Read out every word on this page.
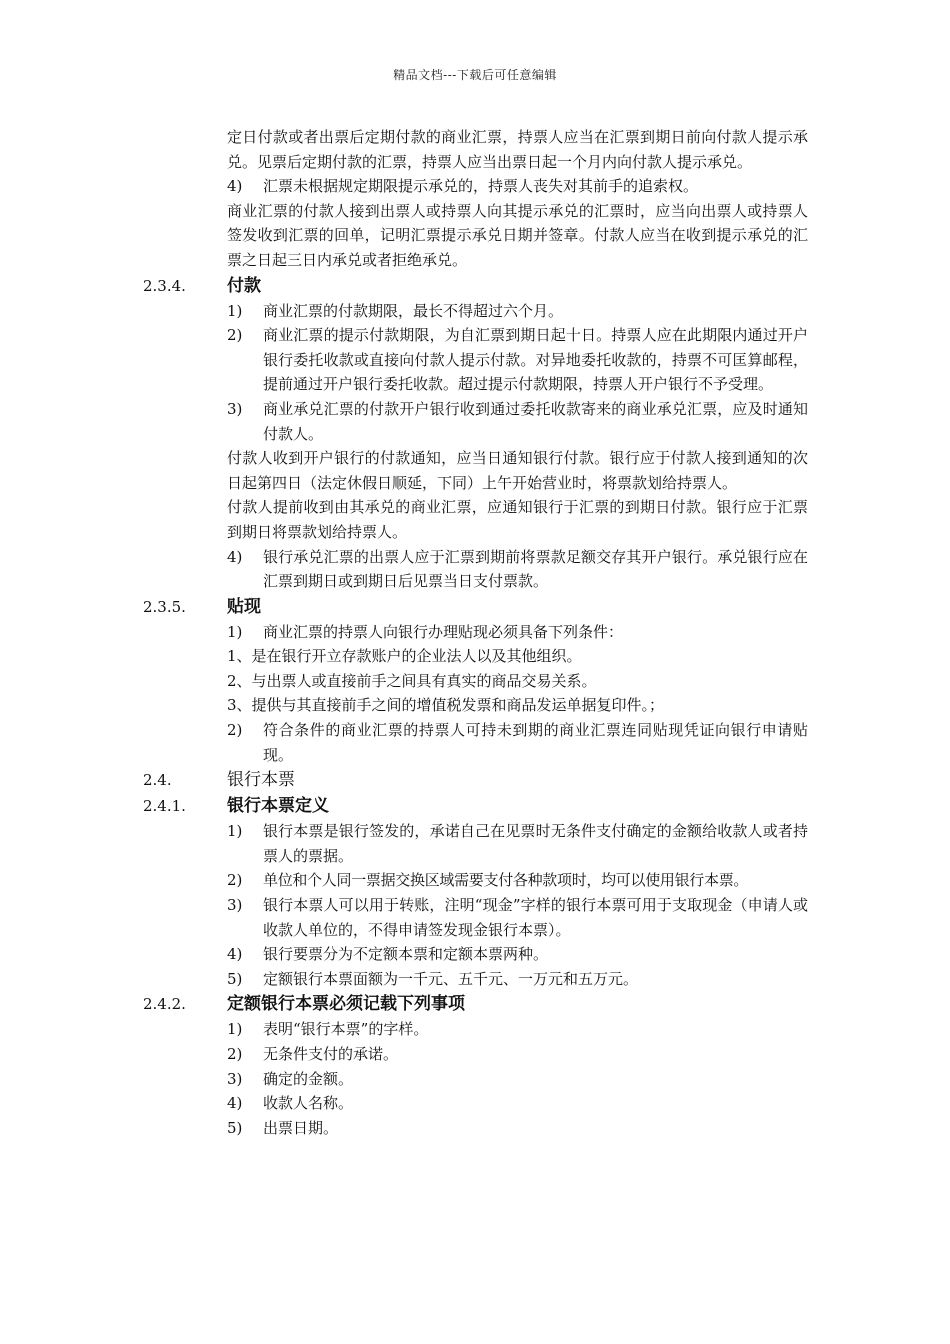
精品文档---下载后可任意编辑
定日付款或者出票后定期付款的商业汇票，持票人应当在汇票到期日前向付款人提示承兑。见票后定期付款的汇票，持票人应当出票日起一个月内向付款人提示承兑。
4)	汇票未根据规定期限提示承兑的，持票人丧失对其前手的追索权。
商业汇票的付款人接到出票人或持票人向其提示承兑的汇票时，应当向出票人或持票人签发收到汇票的回单，记明汇票提示承兑日期并签章。付款人应当在收到提示承兑的汇票之日起三日内承兑或者拒绝承兑。
2.3.4.	付款
1)	商业汇票的付款期限，最长不得超过六个月。
2)	商业汇票的提示付款期限，为自汇票到期日起十日。持票人应在此期限内通过开户银行委托收款或直接向付款人提示付款。对异地委托收款的，持票不可匡算邮程，提前通过开户银行委托收款。超过提示付款期限，持票人开户银行不予受理。
3)	商业承兑汇票的付款开户银行收到通过委托收款寄来的商业承兑汇票，应及时通知付款人。
付款人收到开户银行的付款通知，应当日通知银行付款。银行应于付款人接到通知的次日起第四日（法定休假日顺延，下同）上午开始营业时，将票款划给持票人。
付款人提前收到由其承兑的商业汇票，应通知银行于汇票的到期日付款。银行应于汇票到期日将票款划给持票人。
4)	银行承兑汇票的出票人应于汇票到期前将票款足额交存其开户银行。承兑银行应在汇票到期日或到期日后见票当日支付票款。
2.3.5.	贴现
1)	商业汇票的持票人向银行办理贴现必须具备下列条件：
1、是在银行开立存款账户的企业法人以及其他组织。
2、与出票人或直接前手之间具有真实的商品交易关系。
3、提供与其直接前手之间的增值税发票和商品发运单据复印件。；
2)	符合条件的商业汇票的持票人可持未到期的商业汇票连同贴现凭证向银行申请贴现。
2.4.	银行本票
2.4.1.	银行本票定义
1)	银行本票是银行签发的，承诺自己在见票时无条件支付确定的金额给收款人或者持票人的票据。
2)	单位和个人同一票据交换区域需要支付各种款项时，均可以使用银行本票。
3)	银行本票人可以用于转账，注明“现金”字样的银行本票可用于支取现金（申请人或收款人单位的，不得申请签发现金银行本票）。
4)	银行要票分为不定额本票和定额本票两种。
5)	定额银行本票面额为一千元、五千元、一万元和五万元。
2.4.2.	定额银行本票必须记载下列事项
1)	表明“银行本票”的字样。
2)	无条件支付的承诺。
3)	确定的金额。
4)	收款人名称。
5)	出票日期。
